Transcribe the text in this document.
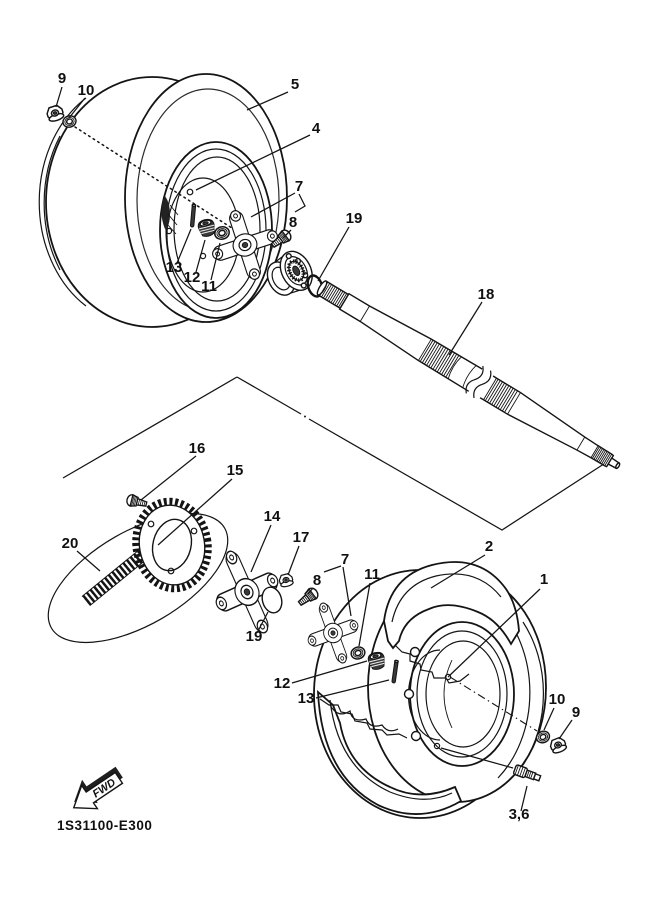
FWD
1S31100-E300
9
10	5
4
7
8	19
18
13
12
11
16
15
20
14
17
7
8	11
19
12
13
2
1
10
9
3,6
